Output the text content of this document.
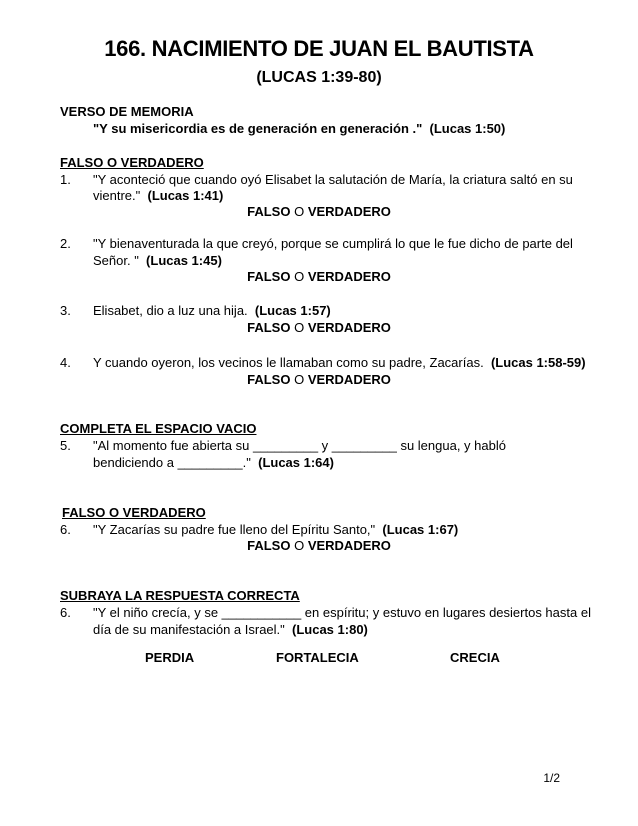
166. NACIMIENTO DE JUAN EL BAUTISTA
(LUCAS 1:39-80)
VERSO DE MEMORIA
"Y su misericordia es de generación en generación ." (Lucas 1:50)
FALSO O VERDADERO
1. "Y aconteció que cuando oyó Elisabet la salutación de María, la criatura saltó en su
vientre." (Lucas 1:41)
FALSO O VERDADERO
2. "Y bienaventurada la que creyó, porque se cumplirá lo que le fue dicho de parte del
Señor. " (Lucas 1:45)
FALSO O VERDADERO
3. Elisabet, dio a luz una hija. (Lucas 1:57)
FALSO O VERDADERO
4. Y cuando oyeron, los vecinos le llamaban como su padre, Zacarías. (Lucas 1:58-59)
FALSO O VERDADERO
COMPLETA EL ESPACIO VACIO
5. "Al momento fue abierta su _________ y _________ su lengua, y habló
bendiciendo a _________." (Lucas 1:64)
FALSO O VERDADERO
6. "Y Zacarías su padre fue lleno del Epíritu Santo," (Lucas 1:67)
FALSO O VERDADERO
SUBRAYA LA RESPUESTA CORRECTA
6. "Y el niño crecía, y se ___________ en espíritu; y estuvo en lugares desiertos hasta el
día de su manifestación a Israel." (Lucas 1:80)
PERDIA	FORTALECIA	CRECIA
1/2
